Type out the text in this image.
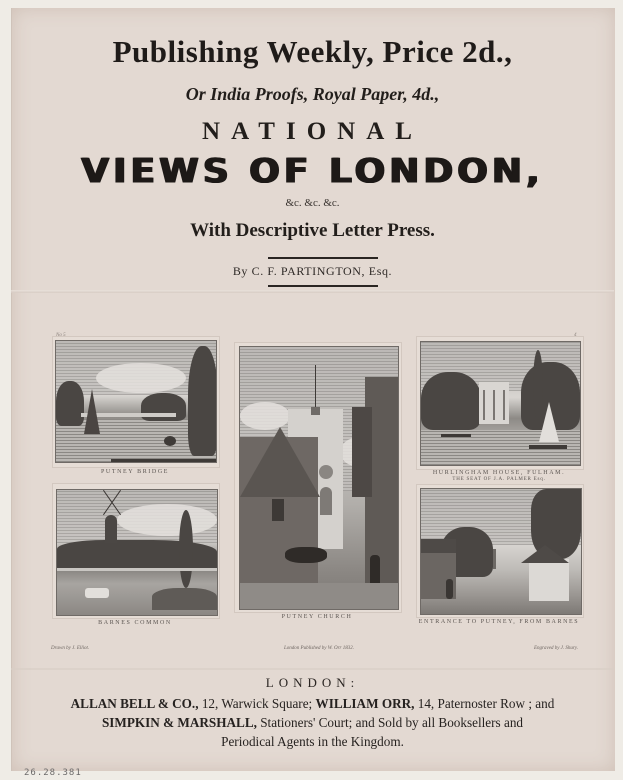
Publishing Weekly, Price 2d.,
Or India Proofs, Royal Paper, 4d.,
NATIONAL
VIEWS OF LONDON,
&c. &c. &c.
With Descriptive Letter Press.
By C. F. PARTINGTON, Esq.
No 5
PUTNEY BRIDGE
PUTNEY CHURCH
4
HURLINGHAM HOUSE, FULHAM.
THE SEAT OF J.A. PALMER Esq.
BARNES COMMON	ENTRANCE TO PUTNEY, FROM BARNES
Drawn by J. Elliot.	London Published by W. Orr 1832.	Engraved by J. Shury.
LONDON:
ALLAN BELL & CO., 12, Warwick Square; WILLIAM ORR, 14, Paternoster Row ; and
SIMPKIN & MARSHALL, Stationers' Court; and Sold by all Booksellers and
Periodical Agents in the Kingdom.
26.28.381
